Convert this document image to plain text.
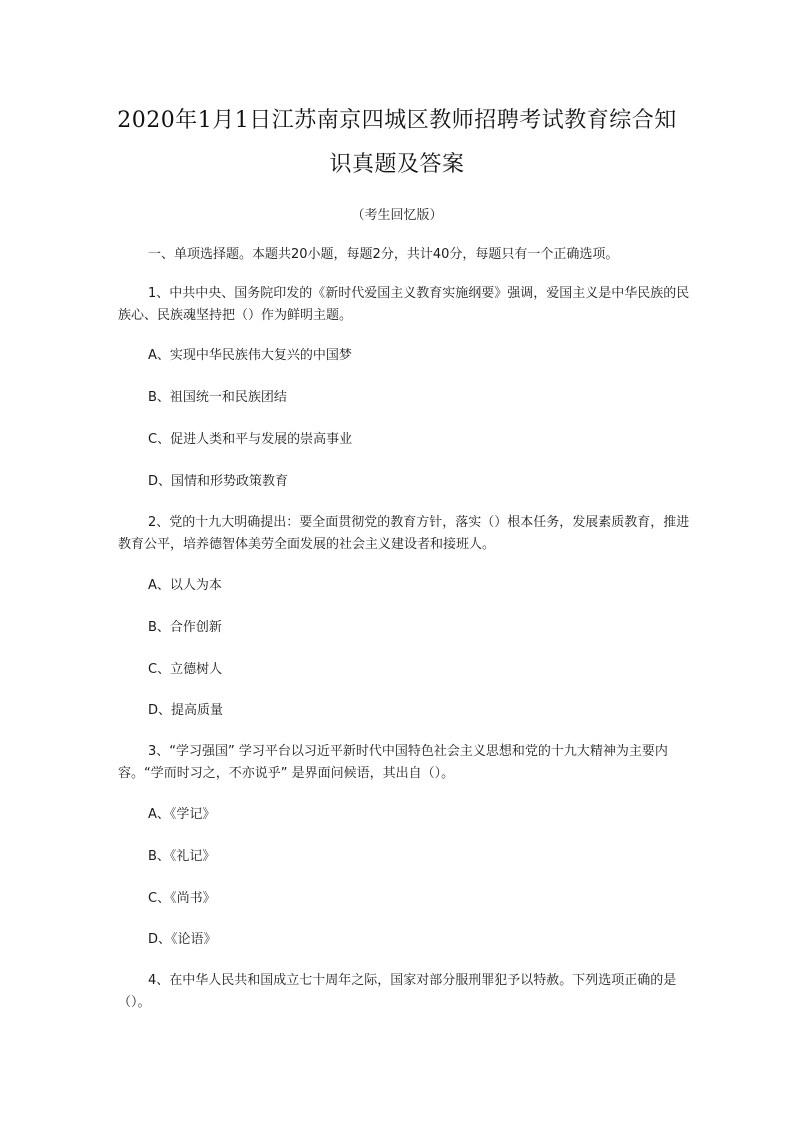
2020年1月1日江苏南京四城区教师招聘考试教育综合知
识真题及答案
（考生回忆版）
一、单项选择题。本题共20小题，每题2分，共计40分，每题只有一个正确选项。
1、中共中央、国务院印发的《新时代爱国主义教育实施纲要》强调，爱国主义是中华民族的民族心、民族魂坚持把（）作为鲜明主题。
A、实现中华民族伟大复兴的中国梦
B、祖国统一和民族团结
C、促进人类和平与发展的崇高事业
D、国情和形势政策教育
2、党的十九大明确提出：要全面贯彻党的教育方针，落实（）根本任务，发展素质教育，推进教育公平，培养德智体美劳全面发展的社会主义建设者和接班人。
A、以人为本
B、合作创新
C、立德树人
D、提高质量
3、“学习强国” 学习平台以习近平新时代中国特色社会主义思想和党的十九大精神为主要内容。“学而时习之，不亦说乎” 是界面问候语，其出自（）。
A、《学记》
B、《礼记》
C、《尚书》
D、《论语》
4、在中华人民共和国成立七十周年之际，国家对部分服刑罪犯予以特赦。下列选项正确的是（）。
